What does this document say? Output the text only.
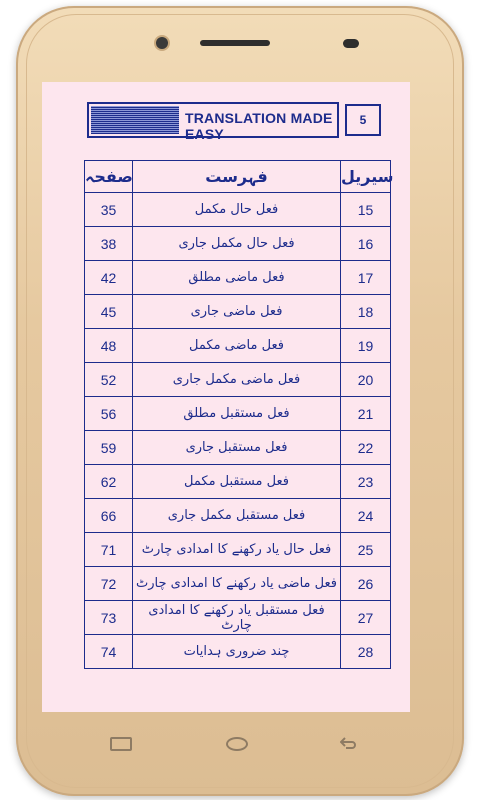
TRANSLATION MADE EASY
5
صفحہ	فہرست	سیریل
35	فعل حال مکمل	15
38	فعل حال مکمل جاری	16
42	فعل ماضی مطلق	17
45	فعل ماضی جاری	18
48	فعل ماضی مکمل	19
52	فعل ماضی مکمل جاری	20
56	فعل مستقبل مطلق	21
59	فعل مستقبل جاری	22
62	فعل مستقبل مکمل	23
66	فعل مستقبل مکمل جاری	24
71	فعل حال یاد رکھنے کا امدادی چارٹ	25
72	فعل ماضی یاد رکھنے کا امدادی چارٹ	26
73	فعل مستقبل یاد رکھنے کا امدادی چارٹ	27
74	چند ضروری ہدایات	28
